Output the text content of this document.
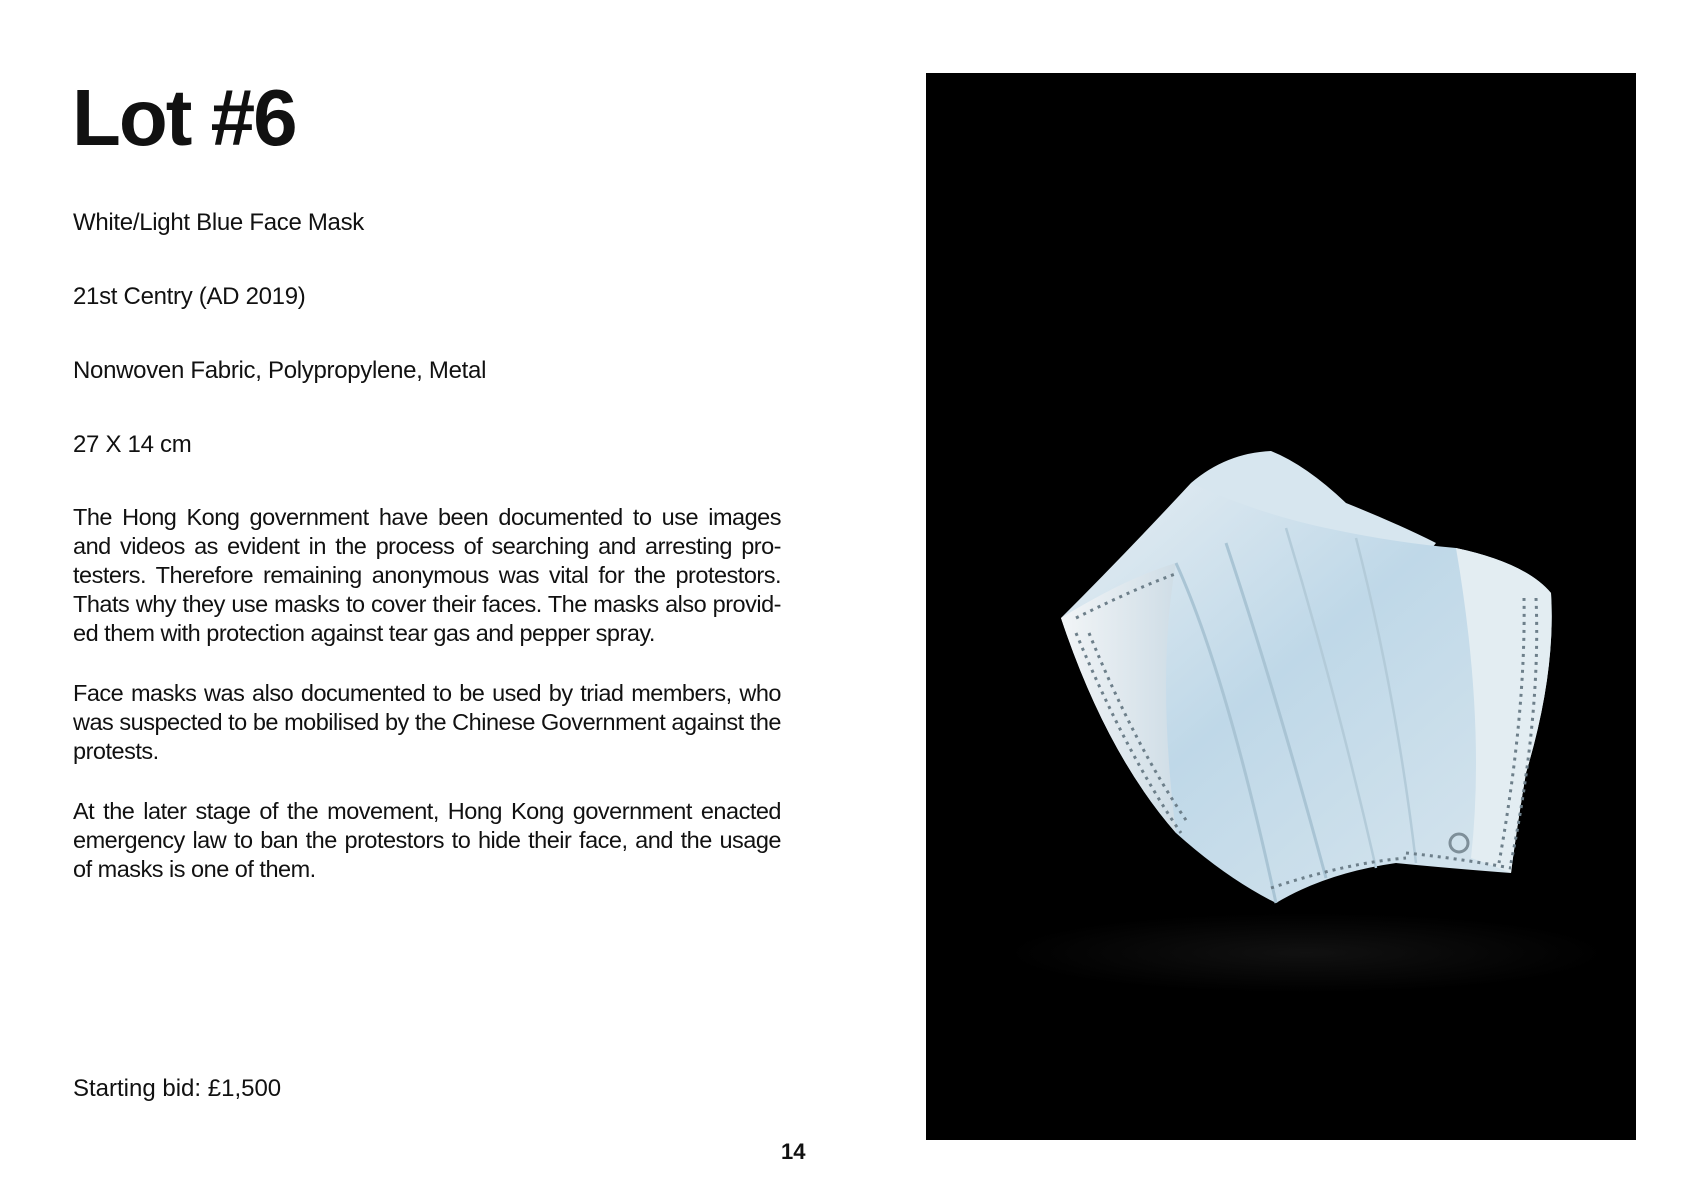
Lot #6

White/Light Blue Face Mask

21st Centry (AD 2019)

Nonwoven Fabric, Polypropylene, Metal

27 X 14 cm

The Hong Kong government have been documented to use images and videos as evident in the process of searching and arresting pro-testers. Therefore remaining anonymous was vital for the protestors. Thats why they use masks to cover their faces. The masks also provid-ed them with protection against tear gas and pepper spray.

Face masks was also documented to be used by triad members, who was suspected to be mobilised by the Chinese Government against the protests.

At the later stage of the movement, Hong Kong government enacted emergency law to ban the protestors to hide their face, and the usage of masks is one of them.

Starting bid: £1,500

14
